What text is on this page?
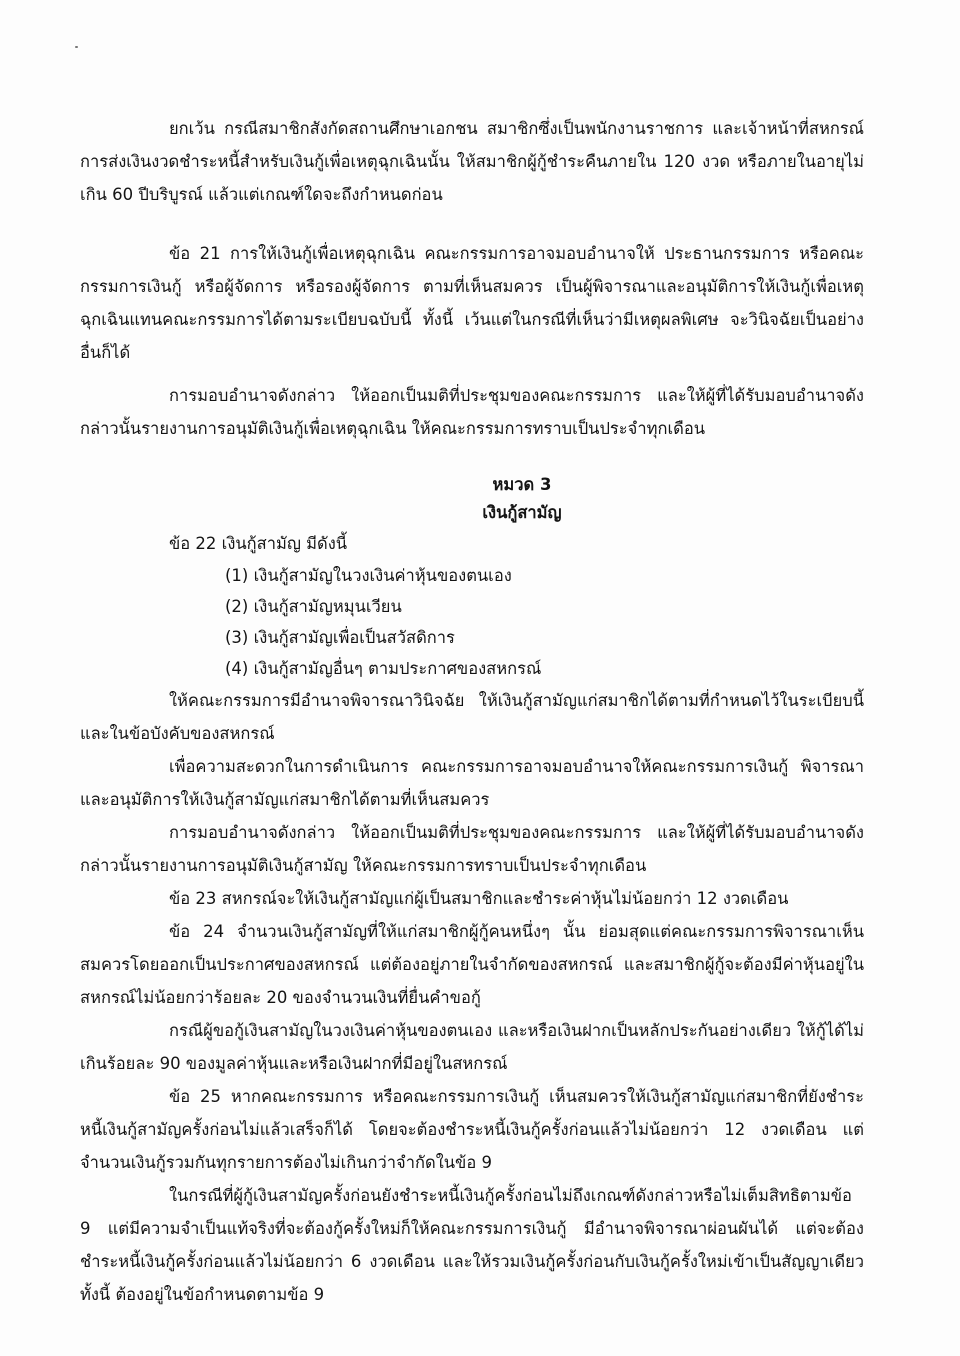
ยกเว้น กรณีสมาชิกสังกัดสถานศึกษาเอกชน สมาชิกซึ่งเป็นพนักงานราชการ และเจ้าหน้าที่สหกรณ์ การส่งเงินงวดชำระหนี้สำหรับเงินกู้เพื่อเหตุฉุกเฉินนั้น ให้สมาชิกผู้กู้ชำระคืนภายใน 120 งวด หรือภายในอายุไม่เกิน 60 ปีบริบูรณ์ แล้วแต่เกณฑ์ใดจะถึงกำหนดก่อน

ข้อ 21 การให้เงินกู้เพื่อเหตุฉุกเฉิน คณะกรรมการอาจมอบอำนาจให้ ประธานกรรมการ หรือคณะกรรมการเงินกู้ หรือผู้จัดการ หรือรองผู้จัดการ ตามที่เห็นสมควร เป็นผู้พิจารณาและอนุมัติการให้เงินกู้เพื่อเหตุฉุกเฉินแทนคณะกรรมการได้ตามระเบียบฉบับนี้ ทั้งนี้ เว้นแต่ในกรณีที่เห็นว่ามีเหตุผลพิเศษ จะวินิจฉัยเป็นอย่างอื่นก็ได้

การมอบอำนาจดังกล่าว ให้ออกเป็นมติที่ประชุมของคณะกรรมการ และให้ผู้ที่ได้รับมอบอำนาจดังกล่าวนั้นรายงานการอนุมัติเงินกู้เพื่อเหตุฉุกเฉิน ให้คณะกรรมการทราบเป็นประจำทุกเดือน

หมวด 3
เงินกู้สามัญ

ข้อ 22 เงินกู้สามัญ มีดังนี้

(1) เงินกู้สามัญในวงเงินค่าหุ้นของตนเอง
(2) เงินกู้สามัญหมุนเวียน
(3) เงินกู้สามัญเพื่อเป็นสวัสดิการ
(4) เงินกู้สามัญอื่นๆ ตามประกาศของสหกรณ์

ให้คณะกรรมการมีอำนาจพิจารณาวินิจฉัย ให้เงินกู้สามัญแก่สมาชิกได้ตามที่กำหนดไว้ในระเบียบนี้และในข้อบังคับของสหกรณ์

เพื่อความสะดวกในการดำเนินการ คณะกรรมการอาจมอบอำนาจให้คณะกรรมการเงินกู้ พิจารณาและอนุมัติการให้เงินกู้สามัญแก่สมาชิกได้ตามที่เห็นสมควร

การมอบอำนาจดังกล่าว ให้ออกเป็นมติที่ประชุมของคณะกรรมการ และให้ผู้ที่ได้รับมอบอำนาจดังกล่าวนั้นรายงานการอนุมัติเงินกู้สามัญ ให้คณะกรรมการทราบเป็นประจำทุกเดือน

ข้อ 23 สหกรณ์จะให้เงินกู้สามัญแก่ผู้เป็นสมาชิกและชำระค่าหุ้นไม่น้อยกว่า 12 งวดเดือน

ข้อ 24 จำนวนเงินกู้สามัญที่ให้แก่สมาชิกผู้กู้คนหนึ่งๆ นั้น ย่อมสุดแต่คณะกรรมการพิจารณาเห็นสมควรโดยออกเป็นประกาศของสหกรณ์ แต่ต้องอยู่ภายในจำกัดของสหกรณ์ และสมาชิกผู้กู้จะต้องมีค่าหุ้นอยู่ในสหกรณ์ไม่น้อยกว่าร้อยละ 20 ของจำนวนเงินที่ยื่นคำขอกู้

กรณีผู้ขอกู้เงินสามัญในวงเงินค่าหุ้นของตนเอง และหรือเงินฝากเป็นหลักประกันอย่างเดียว ให้กู้ได้ไม่เกินร้อยละ 90 ของมูลค่าหุ้นและหรือเงินฝากที่มีอยู่ในสหกรณ์

ข้อ 25 หากคณะกรรมการ หรือคณะกรรมการเงินกู้ เห็นสมควรให้เงินกู้สามัญแก่สมาชิกที่ยังชำระหนี้เงินกู้สามัญครั้งก่อนไม่แล้วเสร็จก็ได้ โดยจะต้องชำระหนี้เงินกู้ครั้งก่อนแล้วไม่น้อยกว่า 12 งวดเดือน แต่จำนวนเงินกู้รวมกันทุกรายการต้องไม่เกินกว่าจำกัดในข้อ 9

ในกรณีที่ผู้กู้เงินสามัญครั้งก่อนยังชำระหนี้เงินกู้ครั้งก่อนไม่ถึงเกณฑ์ดังกล่าวหรือไม่เต็มสิทธิตามข้อ 9 แต่มีความจำเป็นแท้จริงที่จะต้องกู้ครั้งใหม่ก็ให้คณะกรรมการเงินกู้ มีอำนาจพิจารณาผ่อนผันได้ แต่จะต้องชำระหนี้เงินกู้ครั้งก่อนแล้วไม่น้อยกว่า 6 งวดเดือน และให้รวมเงินกู้ครั้งก่อนกับเงินกู้ครั้งใหม่เข้าเป็นสัญญาเดียว ทั้งนี้ ต้องอยู่ในข้อกำหนดตามข้อ 9
